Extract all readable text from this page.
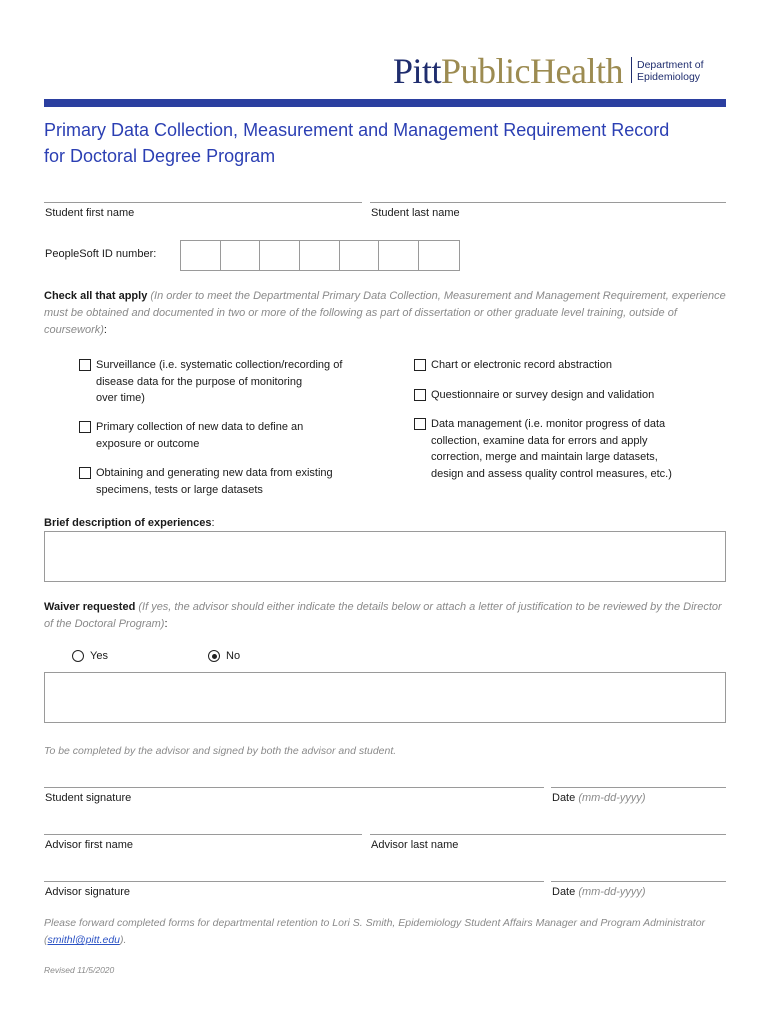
PittPublicHealth Department of
Epidemiology
Primary Data Collection, Measurement and Management Requirement Record
for Doctoral Degree Program
Student first name	Student last name
PeopleSoft ID number:
Check all that apply (In order to meet the Departmental Primary Data Collection, Measurement and Management Requirement, experience must be obtained and documented in two or more of the following as part of dissertation or other graduate level training, outside of coursework):
Surveillance (i.e. systematic collection/recording of
disease data for the purpose of monitoring
over time)
Primary collection of new data to define an
exposure or outcome
Obtaining and generating new data from existing
specimens, tests or large datasets
Chart or electronic record abstraction
Questionnaire or survey design and validation
Data management (i.e. monitor progress of data
collection, examine data for errors and apply
correction, merge and maintain large datasets,
design and assess quality control measures, etc.)
Brief description of experiences:
Waiver requested (If yes, the advisor should either indicate the details below or attach a letter of justification to be reviewed by the Director of the Doctoral Program):
Yes	No
To be completed by the advisor and signed by both the advisor and student.
Student signature	Date (mm-dd-yyyy)
Advisor first name	Advisor last name
Advisor signature	Date (mm-dd-yyyy)
Please forward completed forms for departmental retention to Lori S. Smith, Epidemiology Student Affairs Manager and Program Administrator (smithl@pitt.edu).
Revised 11/5/2020
